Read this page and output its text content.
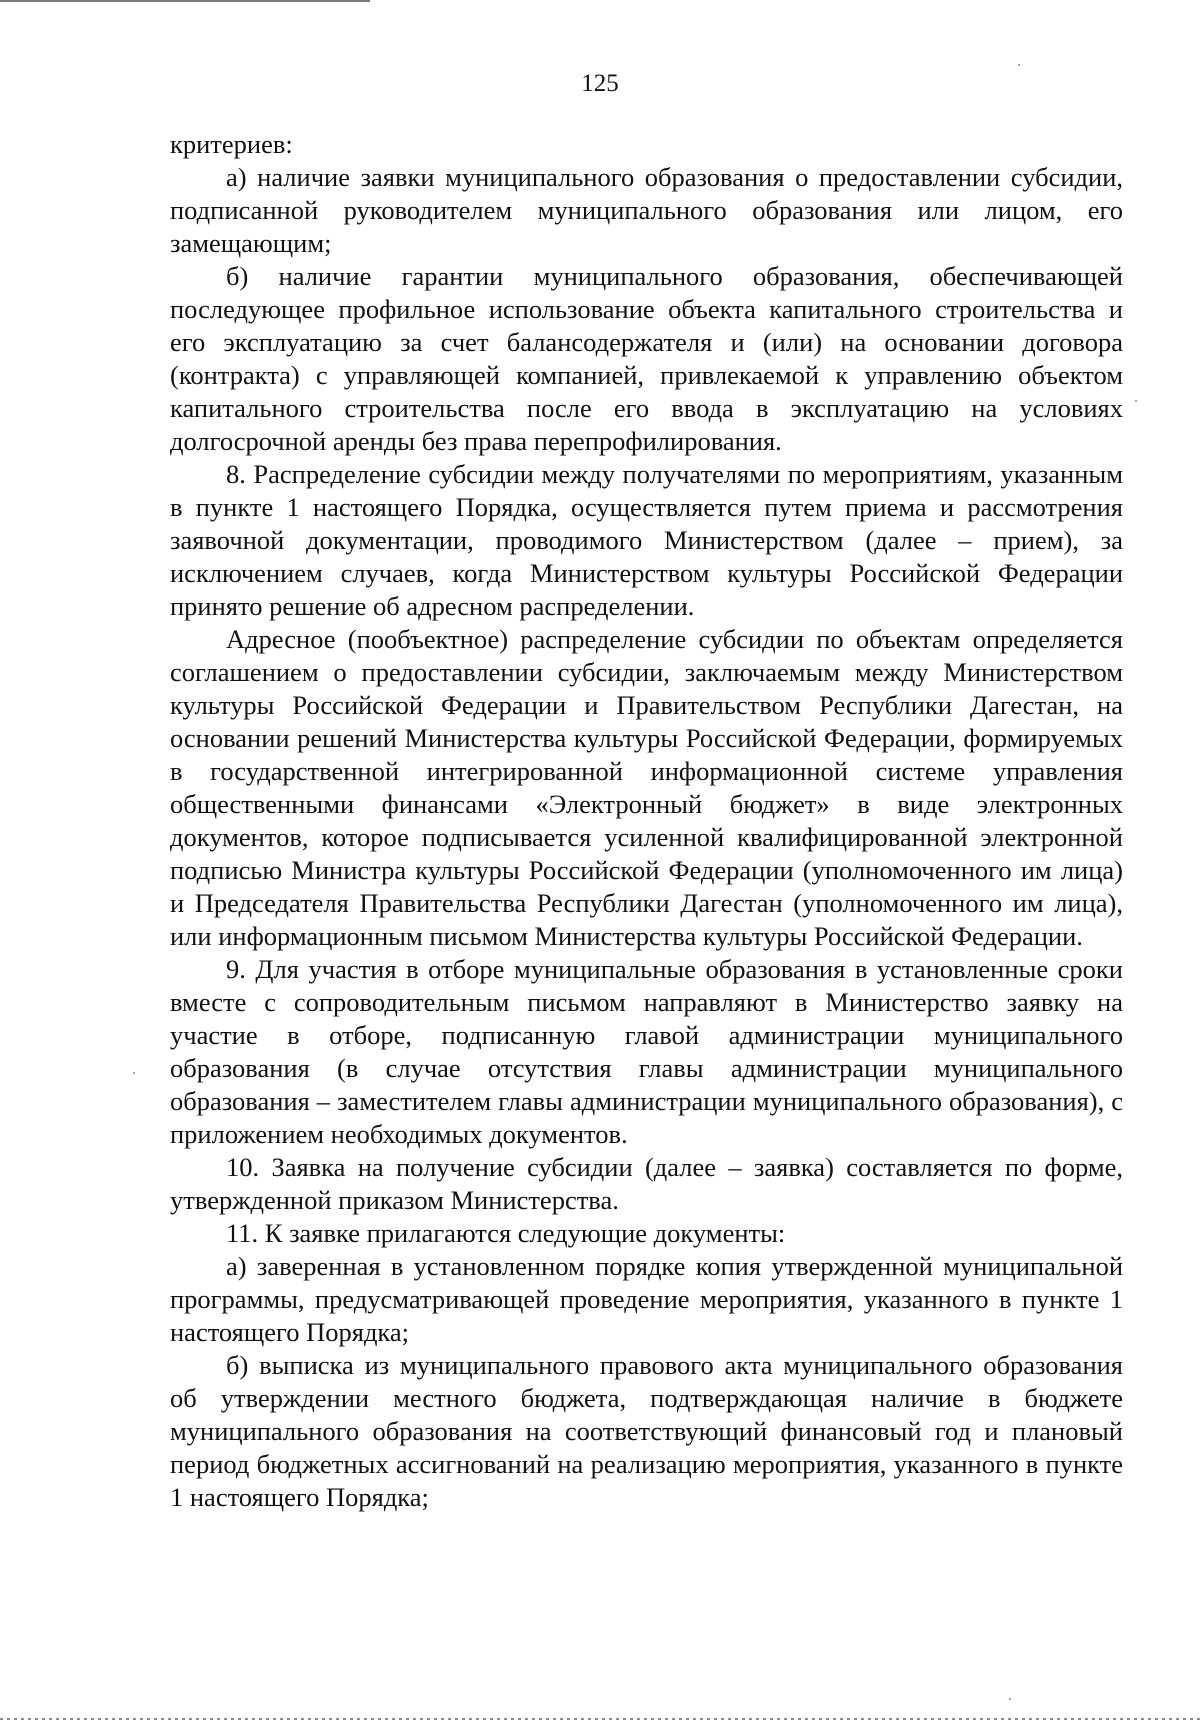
125

критериев:

а) наличие заявки муниципального образования о предоставлении субсидии, подписанной руководителем муниципального образования или лицом, его замещающим;

б) наличие гарантии муниципального образования, обеспечивающей последующее профильное использование объекта капитального строительства и его эксплуатацию за счет балансодержателя и (или) на основании договора (контракта) с управляющей компанией, привлекаемой к управлению объектом капитального строительства после его ввода в эксплуатацию на условиях долгосрочной аренды без права перепрофилирования.

8. Распределение субсидии между получателями по мероприятиям, указанным в пункте 1 настоящего Порядка, осуществляется путем приема и рассмотрения заявочной документации, проводимого Министерством (далее – прием), за исключением случаев, когда Министерством культуры Российской Федерации принято решение об адресном распределении.

Адресное (пообъектное) распределение субсидии по объектам определяется соглашением о предоставлении субсидии, заключаемым между Министерством культуры Российской Федерации и Правительством Республики Дагестан, на основании решений Министерства культуры Российской Федерации, формируемых в государственной интегрированной информационной системе управления общественными финансами «Электронный бюджет» в виде электронных документов, которое подписывается усиленной квалифицированной электронной подписью Министра культуры Российской Федерации (уполномоченного им лица) и Председателя Правительства Республики Дагестан (уполномоченного им лица), или информационным письмом Министерства культуры Российской Федерации.

9. Для участия в отборе муниципальные образования в установленные сроки вместе с сопроводительным письмом направляют в Министерство заявку на участие в отборе, подписанную главой администрации муниципального образования (в случае отсутствия главы администрации муниципального образования – заместителем главы администрации муниципального образования), с приложением необходимых документов.

10. Заявка на получение субсидии (далее – заявка) составляется по форме, утвержденной приказом Министерства.

11. К заявке прилагаются следующие документы:

а) заверенная в установленном порядке копия утвержденной муниципальной программы, предусматривающей проведение мероприятия, указанного в пункте 1 настоящего Порядка;

б) выписка из муниципального правового акта муниципального образования об утверждении местного бюджета, подтверждающая наличие в бюджете муниципального образования на соответствующий финансовый год и плановый период бюджетных ассигнований на реализацию мероприятия, указанного в пункте 1 настоящего Порядка;
